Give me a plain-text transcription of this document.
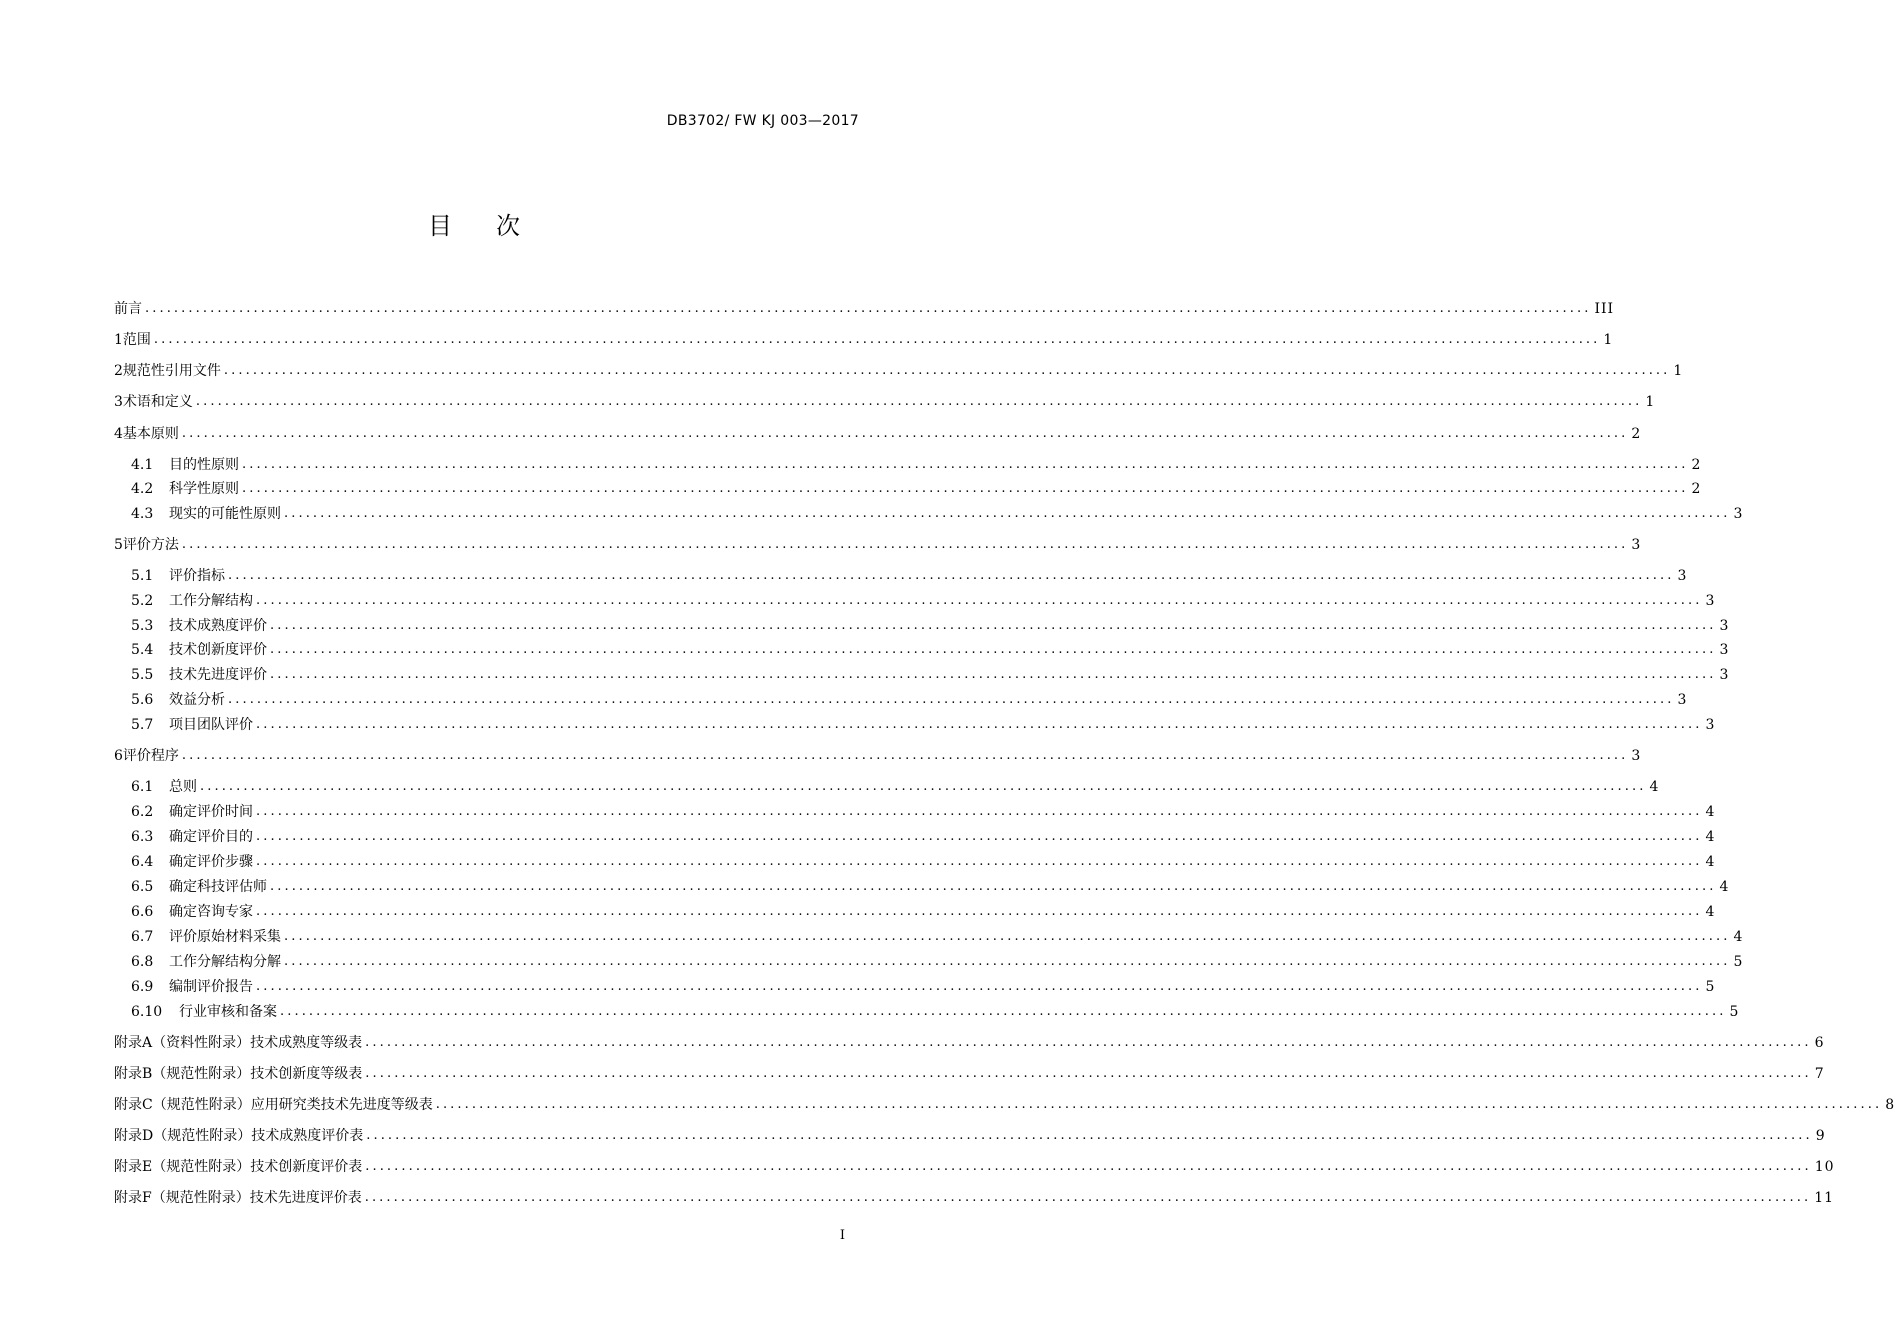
DB3702/ FW KJ 003—2017
目 次
前言 ........................................................................................................................................................................................................ III
1 范围 ........................................................................................................................................................................................................ 1
2 规范性引用文件 ........................................................................................................................................................................................................ 1
3 术语和定义 ........................................................................................................................................................................................................ 1
4 基本原则 ........................................................................................................................................................................................................ 2
4.1	目的性原则 ........................................................................................................................................................................................................ 2
4.2	科学性原则 ........................................................................................................................................................................................................ 2
4.3	现实的可能性原则 ........................................................................................................................................................................................................ 3
5 评价方法 ........................................................................................................................................................................................................ 3
5.1	评价指标 ........................................................................................................................................................................................................ 3
5.2	工作分解结构 ........................................................................................................................................................................................................ 3
5.3	技术成熟度评价 ........................................................................................................................................................................................................ 3
5.4	技术创新度评价 ........................................................................................................................................................................................................ 3
5.5	技术先进度评价 ........................................................................................................................................................................................................ 3
5.6	效益分析 ........................................................................................................................................................................................................ 3
5.7	项目团队评价 ........................................................................................................................................................................................................ 3
6 评价程序 ........................................................................................................................................................................................................ 3
6.1	总则 ........................................................................................................................................................................................................ 4
6.2	确定评价时间 ........................................................................................................................................................................................................ 4
6.3	确定评价目的 ........................................................................................................................................................................................................ 4
6.4	确定评价步骤 ........................................................................................................................................................................................................ 4
6.5	确定科技评估师 ........................................................................................................................................................................................................ 4
6.6	确定咨询专家 ........................................................................................................................................................................................................ 4
6.7	评价原始材料采集 ........................................................................................................................................................................................................ 4
6.8	工作分解结构分解 ........................................................................................................................................................................................................ 5
6.9	编制评价报告 ........................................................................................................................................................................................................ 5
6.10	行业审核和备案 ........................................................................................................................................................................................................ 5
附录A（资料性附录） 技术成熟度等级表 ........................................................................................................................................................................................................ 6
附录B（规范性附录） 技术创新度等级表 ........................................................................................................................................................................................................ 7
附录C（规范性附录） 应用研究类技术先进度等级表 ........................................................................................................................................................................................................ 8
附录D（规范性附录） 技术成熟度评价表 ........................................................................................................................................................................................................ 9
附录E（规范性附录） 技术创新度评价表 ........................................................................................................................................................................................................ 10
附录F（规范性附录） 技术先进度评价表 ........................................................................................................................................................................................................ 11
I
